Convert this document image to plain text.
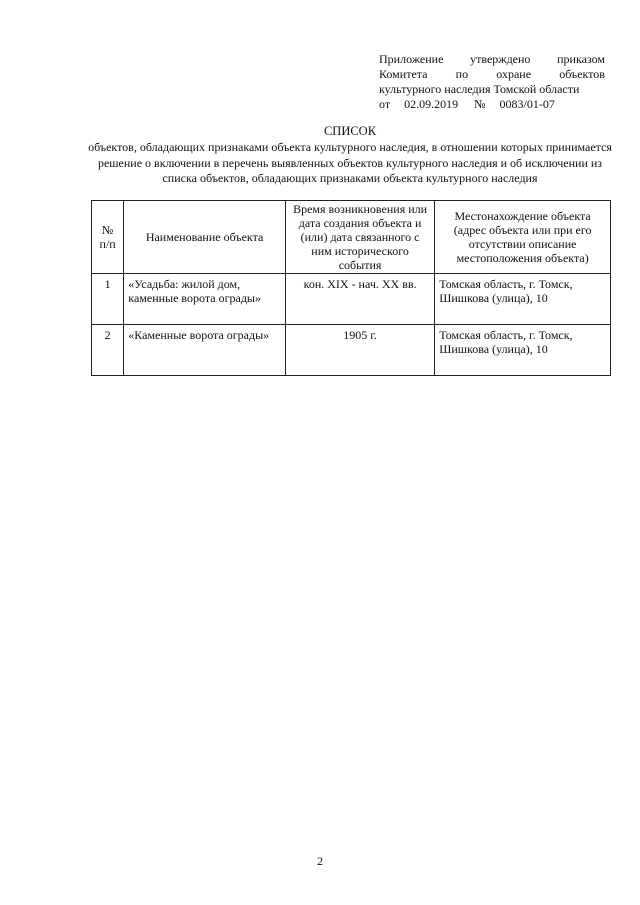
Приложение утверждено приказом
Комитета по охране объектов
культурного наследия Томской области
от 02.09.2019 № 0083/01-07
СПИСОК
объектов, обладающих признаками объекта культурного наследия, в отношении которых принимается решение о включении в перечень выявленных объектов культурного наследия и об исключении из списка объектов, обладающих признаками объекта культурного наследия
№ п/п	Наименование объекта	Время возникновения или дата создания объекта и (или) дата связанного с ним исторического события	Местонахождение объекта (адрес объекта или при его отсутствии описание местоположения объекта)
1	«Усадьба: жилой дом, каменные ворота ограды»	кон. XIX - нач. XX вв.	Томская область, г. Томск, Шишкова (улица), 10
2	«Каменные ворота ограды»	1905 г.	Томская область, г. Томск, Шишкова (улица), 10
2
